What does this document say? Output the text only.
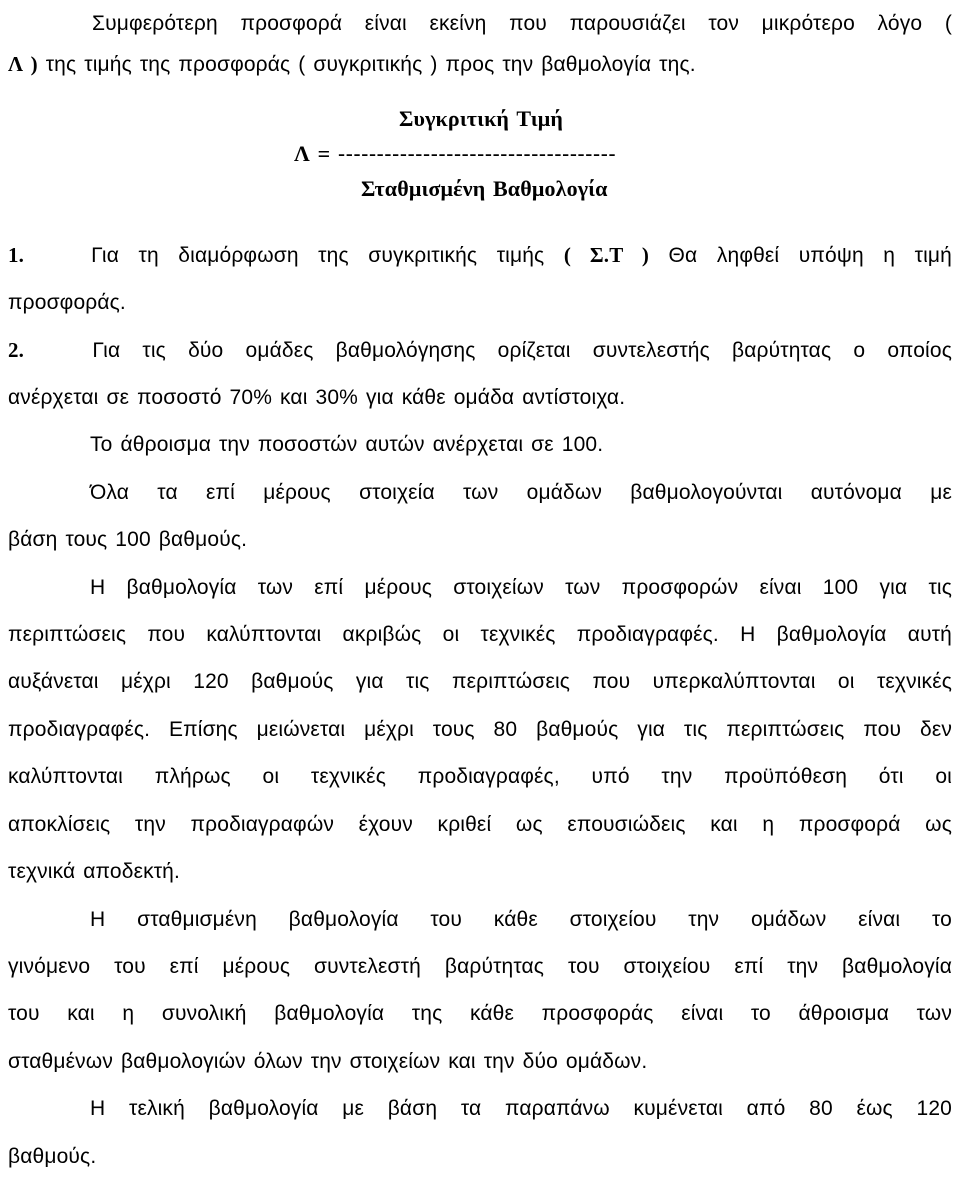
Συμφερότερη προσφορά είναι εκείνη που παρουσιάζει τον μικρότερο λόγο (

Λ ) της τιμής της προσφοράς ( συγκριτικής ) προς την βαθμολογία της.

Συγκριτική Τιμή
Λ = ------------------------------------
Σταθμισμένη Βαθμολογία

1.	Για τη διαμόρφωση της συγκριτικής τιμής ( Σ.Τ ) Θα ληφθεί υπόψη η τιμή

προσφοράς.

2.	Για τις δύο ομάδες βαθμολόγησης ορίζεται συντελεστής βαρύτητας ο οποίος

ανέρχεται σε ποσοστό 70% και 30% για κάθε ομάδα αντίστοιχα.

Το άθροισμα την ποσοστών αυτών ανέρχεται σε 100.

Όλα τα επί μέρους στοιχεία των ομάδων βαθμολογούνται αυτόνομα με

βάση τους 100 βαθμούς.

Η βαθμολογία των επί μέρους στοιχείων των προσφορών είναι 100 για τις

περιπτώσεις που καλύπτονται ακριβώς οι τεχνικές προδιαγραφές. Η βαθμολογία αυτή

αυξάνεται μέχρι 120 βαθμούς για τις περιπτώσεις που υπερκαλύπτονται οι τεχνικές

προδιαγραφές. Επίσης μειώνεται μέχρι τους 80 βαθμούς για τις περιπτώσεις που δεν

καλύπτονται πλήρως οι τεχνικές προδιαγραφές, υπό την προϋπόθεση ότι οι

αποκλίσεις την προδιαγραφών έχουν κριθεί ως επουσιώδεις και η προσφορά ως

τεχνικά αποδεκτή.

Η σταθμισμένη βαθμολογία του κάθε στοιχείου την ομάδων είναι το

γινόμενο του επί μέρους συντελεστή βαρύτητας του στοιχείου επί την βαθμολογία

του και η συνολική βαθμολογία της κάθε προσφοράς είναι το άθροισμα των

σταθμένων βαθμολογιών όλων την στοιχείων και την δύο ομάδων.

Η τελική βαθμολογία με βάση τα παραπάνω κυμένεται από 80 έως 120

βαθμούς.
